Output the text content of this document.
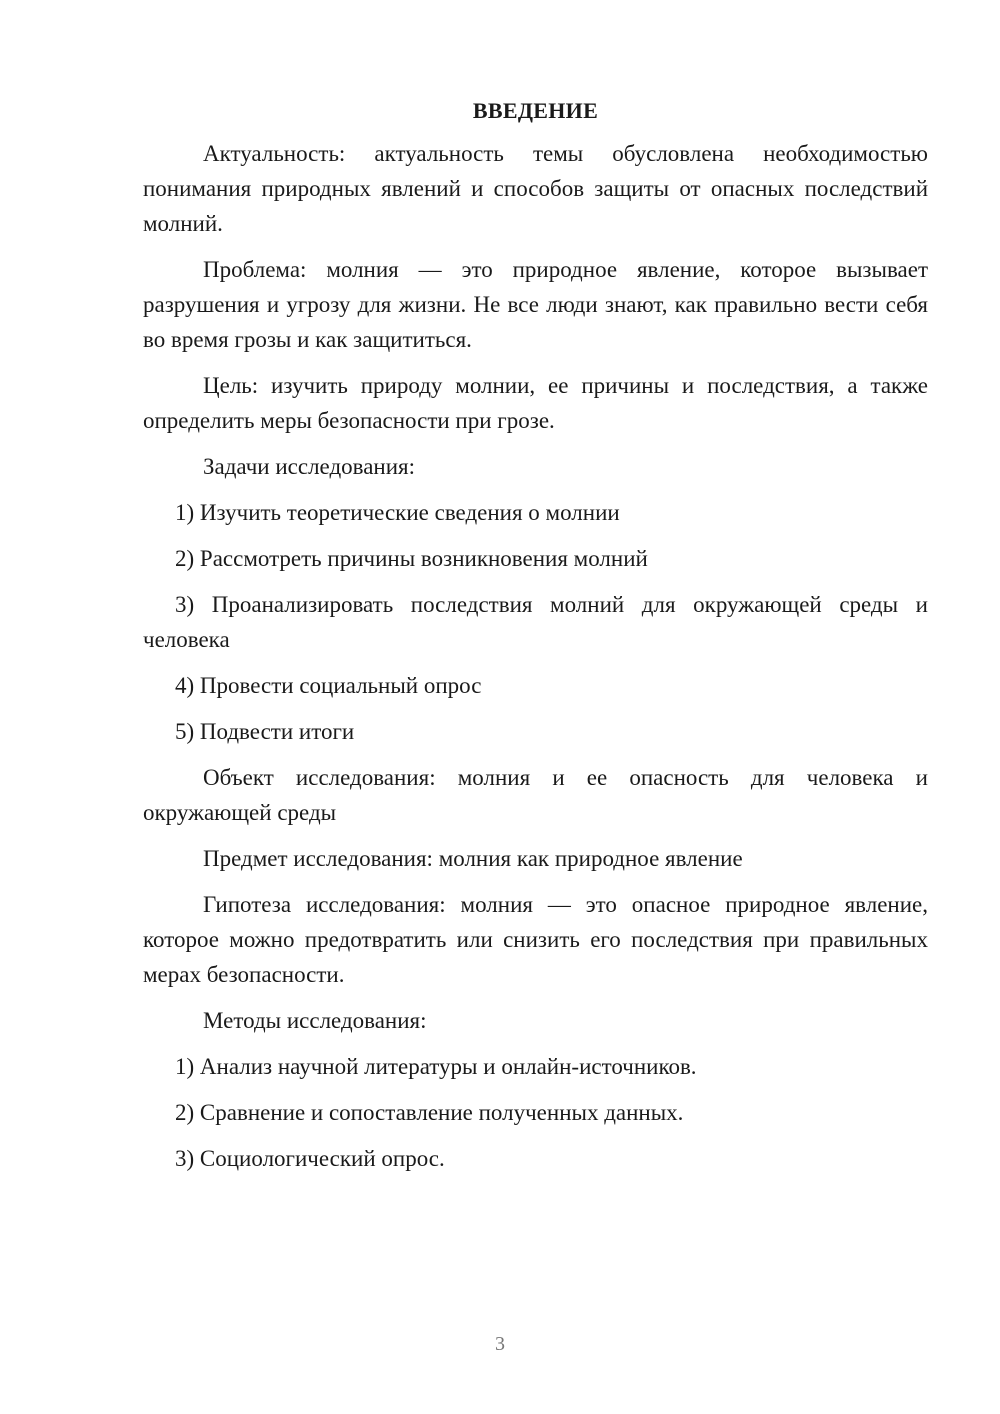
ВВЕДЕНИЕ

Актуальность: актуальность темы обусловлена необходимостью понимания природных явлений и способов защиты от опасных последствий молний.

Проблема: молния — это природное явление, которое вызывает разрушения и угрозу для жизни. Не все люди знают, как правильно вести себя во время грозы и как защититься.

Цель: изучить природу молнии, ее причины и последствия, а также определить меры безопасности при грозе.

Задачи исследования:

1) Изучить теоретические сведения о молнии

2) Рассмотреть причины возникновения молний

3) Проанализировать последствия молний для окружающей среды и человека

4) Провести социальный опрос

5) Подвести итоги

Объект исследования: молния и ее опасность для человека и окружающей среды

Предмет исследования: молния как природное явление

Гипотеза исследования: молния — это опасное природное явление, которое можно предотвратить или снизить его последствия при правильных мерах безопасности.

Методы исследования:

1) Анализ научной литературы и онлайн-источников.

2) Сравнение и сопоставление полученных данных.

3) Социологический опрос.

3
